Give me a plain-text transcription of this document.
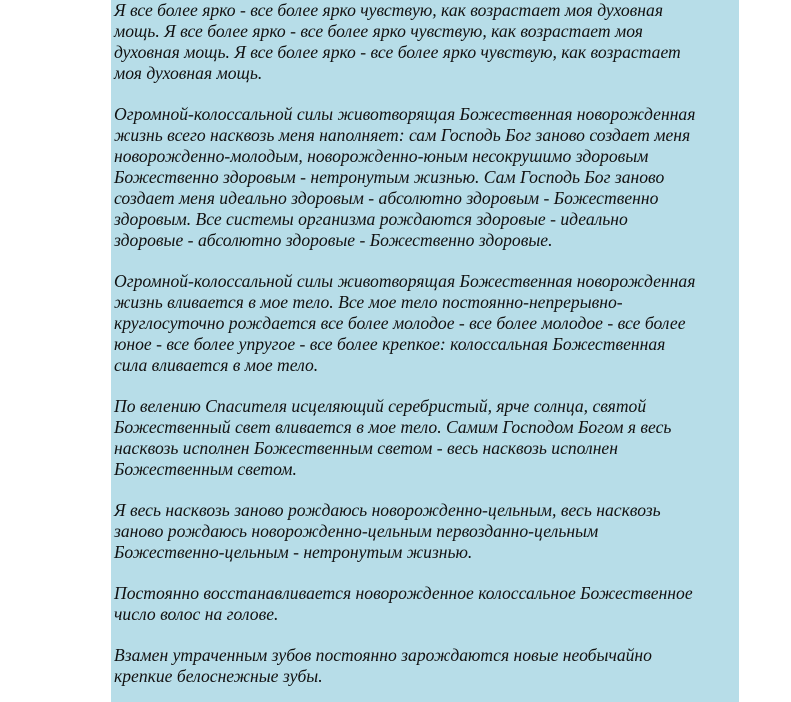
Я все более ярко - все более ярко чувствую, как возрастает моя духовная
мощь. Я все более ярко - все более ярко чувствую, как возрастает моя
духовная мощь. Я все более ярко - все более ярко чувствую, как возрастает
моя духовная мощь.

Огромной-колоссальной силы животворящая Божественная новорожденная
жизнь всего насквозь меня наполняет: сам Господь Бог заново создает меня
новорожденно-молодым, новорожденно-юным несокрушимо здоровым
Божественно здоровым - нетронутым жизнью. Сам Господь Бог заново
создает меня идеально здоровым - абсолютно здоровым - Божественно
здоровым. Все системы организма рождаются здоровые - идеально
здоровые - абсолютно здоровые - Божественно здоровые.

Огромной-колоссальной силы животворящая Божественная новорожденная
жизнь вливается в мое тело. Все мое тело постоянно-непрерывно-
круглосуточно рождается все более молодое - все более молодое - все более
юное - все более упругое - все более крепкое: колоссальная Божественная
сила вливается в мое тело.

По велению Спасителя исцеляющий серебристый, ярче солнца, святой
Божественный свет вливается в мое тело. Самим Господом Богом я весь
насквозь исполнен Божественным светом - весь насквозь исполнен
Божественным светом.

Я весь насквозь заново рождаюсь новорожденно-цельным, весь насквозь
заново рождаюсь новорожденно-цельным первозданно-цельным
Божественно-цельным - нетронутым жизнью.

Постоянно восстанавливается новорожденное колоссальное Божественное
число волос на голове.

Взамен утраченным зубов постоянно зарождаются новые необычайно
крепкие белоснежные зубы.
